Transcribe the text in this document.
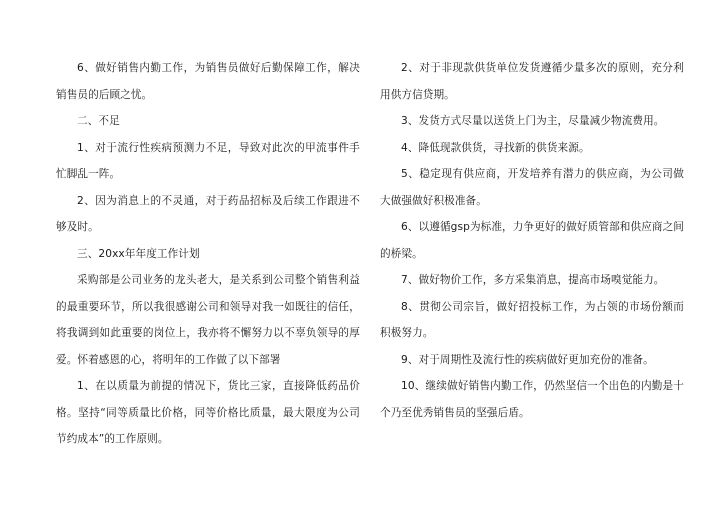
6、做好销售内勤工作，为销售员做好后勤保障工作，解决销售员的后顾之忧。

二、不足

1、对于流行性疾病预测力不足，导致对此次的甲流事件手忙脚乱一阵。

2、因为消息上的不灵通，对于药品招标及后续工作跟进不够及时。

三、20xx年年度工作计划

采购部是公司业务的龙头老大，是关系到公司整个销售利益的最重要环节，所以我很感谢公司和领导对我一如既往的信任，将我调到如此重要的岗位上，我亦将不懈努力以不辜负领导的厚爱。怀着感恩的心，将明年的工作做了以下部署

1、在以质量为前提的情况下，货比三家，直接降低药品价格。坚持“同等质量比价格，同等价格比质量，最大限度为公司节约成本”的工作原则。

2、对于非现款供货单位发货遵循少量多次的原则，充分利用供方信贷期。

3、发货方式尽量以送货上门为主，尽量减少物流费用。

4、降低现款供货，寻找新的供货来源。

5、稳定现有供应商，开发培养有潜力的供应商，为公司做大做强做好积极准备。

6、以遵循gsp为标准，力争更好的做好质管部和供应商之间的桥梁。

7、做好物价工作，多方采集消息，提高市场嗅觉能力。

8、贯彻公司宗旨，做好招投标工作，为占领的市场份额而积极努力。

9、对于周期性及流行性的疾病做好更加充份的准备。

10、继续做好销售内勤工作，仍然坚信一个出色的内勤是十个乃至优秀销售员的坚强后盾。
